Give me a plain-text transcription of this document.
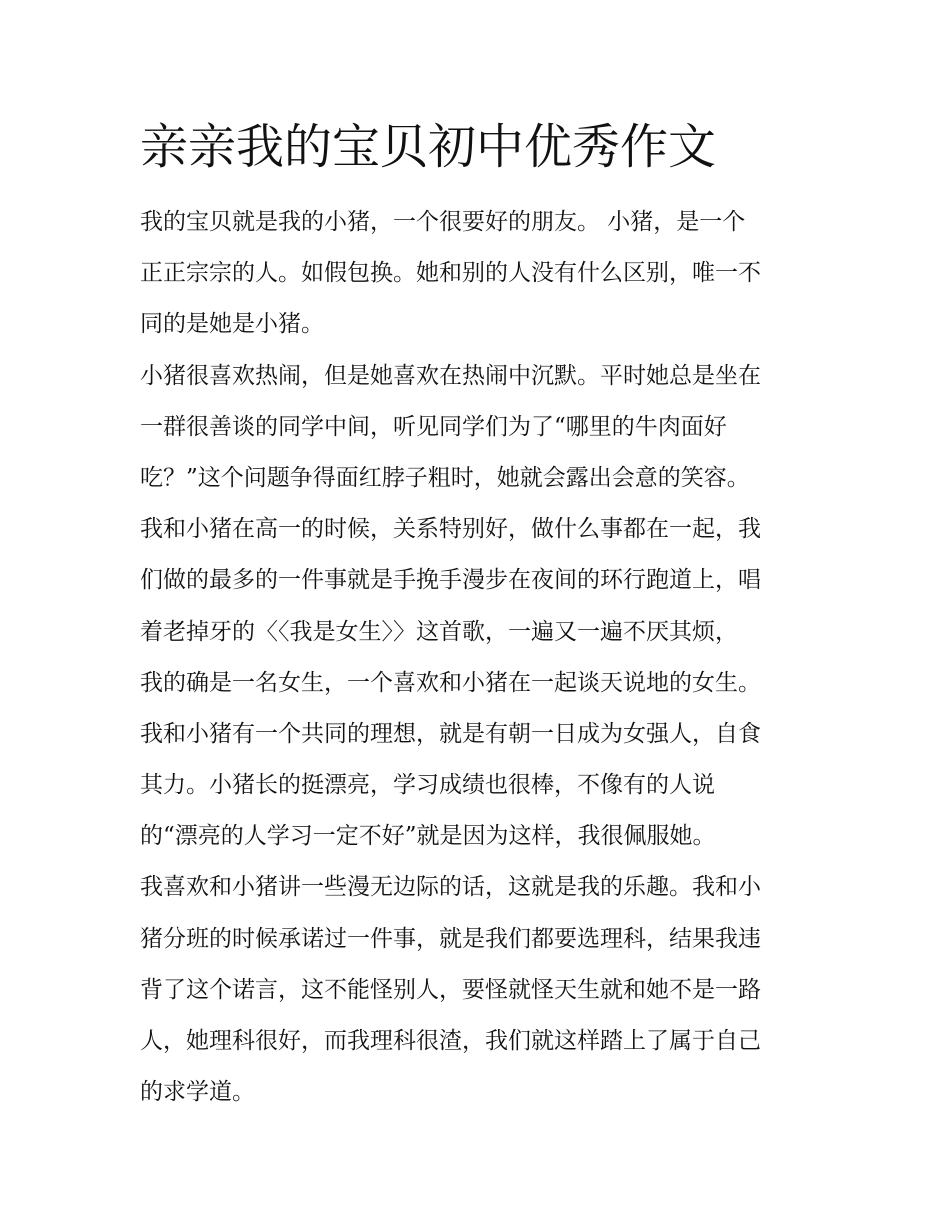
亲亲我的宝贝初中优秀作文
我的宝贝就是我的小猪，一个很要好的朋友。 小猪，是一个
正正宗宗的人。如假包换。她和别的人没有什么区别，唯一不
同的是她是小猪。
小猪很喜欢热闹，但是她喜欢在热闹中沉默。平时她总是坐在
一群很善谈的同学中间，听见同学们为了“哪里的牛肉面好
吃？”这个问题争得面红脖子粗时，她就会露出会意的笑容。
我和小猪在高一的时候，关系特别好，做什么事都在一起，我
们做的最多的一件事就是手挽手漫步在夜间的环行跑道上，唱
着老掉牙的〈〈我是女生〉〉这首歌，一遍又一遍不厌其烦，
我的确是一名女生，一个喜欢和小猪在一起谈天说地的女生。
我和小猪有一个共同的理想，就是有朝一日成为女强人，自食
其力。小猪长的挺漂亮，学习成绩也很棒，不像有的人说
的“漂亮的人学习一定不好”就是因为这样，我很佩服她。
我喜欢和小猪讲一些漫无边际的话，这就是我的乐趣。我和小
猪分班的时候承诺过一件事，就是我们都要选理科，结果我违
背了这个诺言，这不能怪别人，要怪就怪天生就和她不是一路
人，她理科很好，而我理科很渣，我们就这样踏上了属于自己
的求学道。
